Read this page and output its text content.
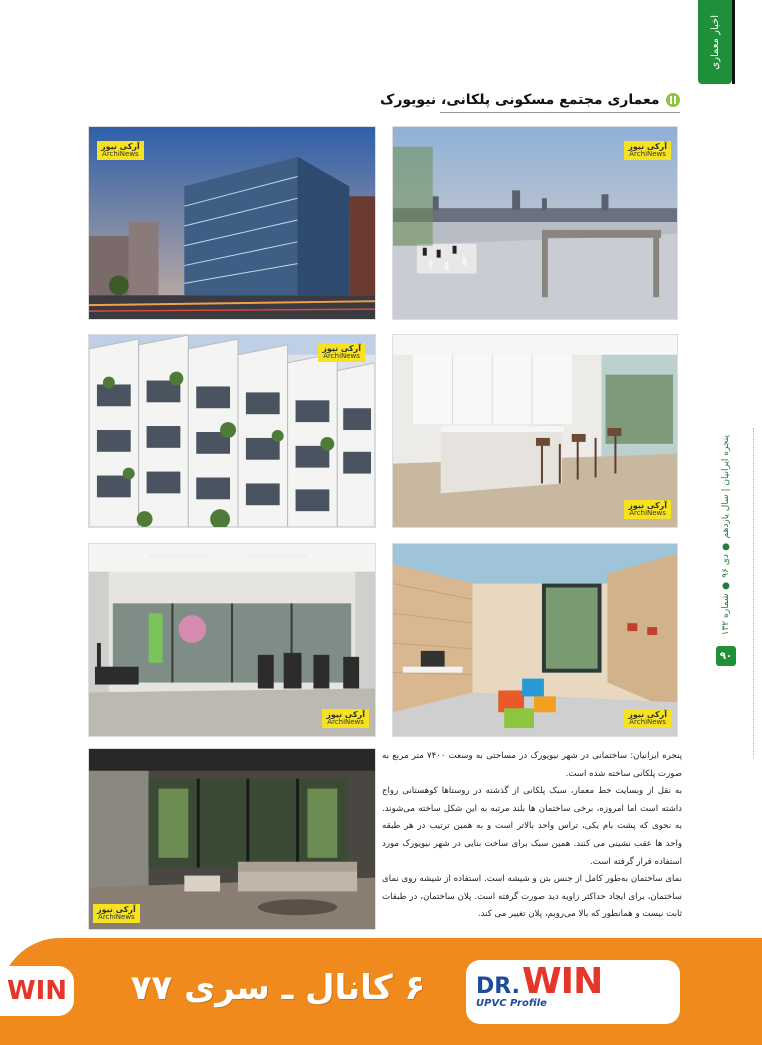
اخبار معماری
معماری مجتمع مسکونی پلکانی، نیویورک
آرکی نیوز
ArchiNews
آرکی نیوز
ArchiNews
آرکی نیوز
ArchiNews
آرکی نیوز
ArchiNews
آرکی نیوز
ArchiNews
آرکی نیوز
ArchiNews
آرکی نیوز
ArchiNews
پنجره ایرانیان | سال یازدهم ● دی ۹۶ ● شماره ۱۳۲
۹۰

پنجره ایرانیان: ساختمانی در شهر نیویورک در مساحتی به وسعت ۷۴۰۰ متر مربع به صورت پلکانی ساخته شده است.

به نقل از وبسایت خط معمار، سبک پلکانی از گذشته در روستاها کوهستانی رواج داشته است اما امروزه، برخی ساختمان ها بلند مرتبه به این شکل ساخته می‌شوند. به نحوی که پشت بام یکی، تراس واحد بالاتر است و به همین ترتیب در هر طبقه واحد ها عقب نشینی می کنند. همین سبک برای ساخت بنایی در شهر نیویورک مورد استفاده قرار گرفته است.

نمای ساختمان به‌طور کامل از جنس بتن و شیشه است. استفاده از شیشه روی نمای ساختمان، برای ایجاد حداکثر زاویه دید صورت گرفته است. پلان ساختمان، در طبقات ثابت نیست و همانطور که بالا می‌رویم، پلان تغییر می کند.

WIN	۶ کانال ـ سری ۷۷	DR. WIN
UPVC Profile
